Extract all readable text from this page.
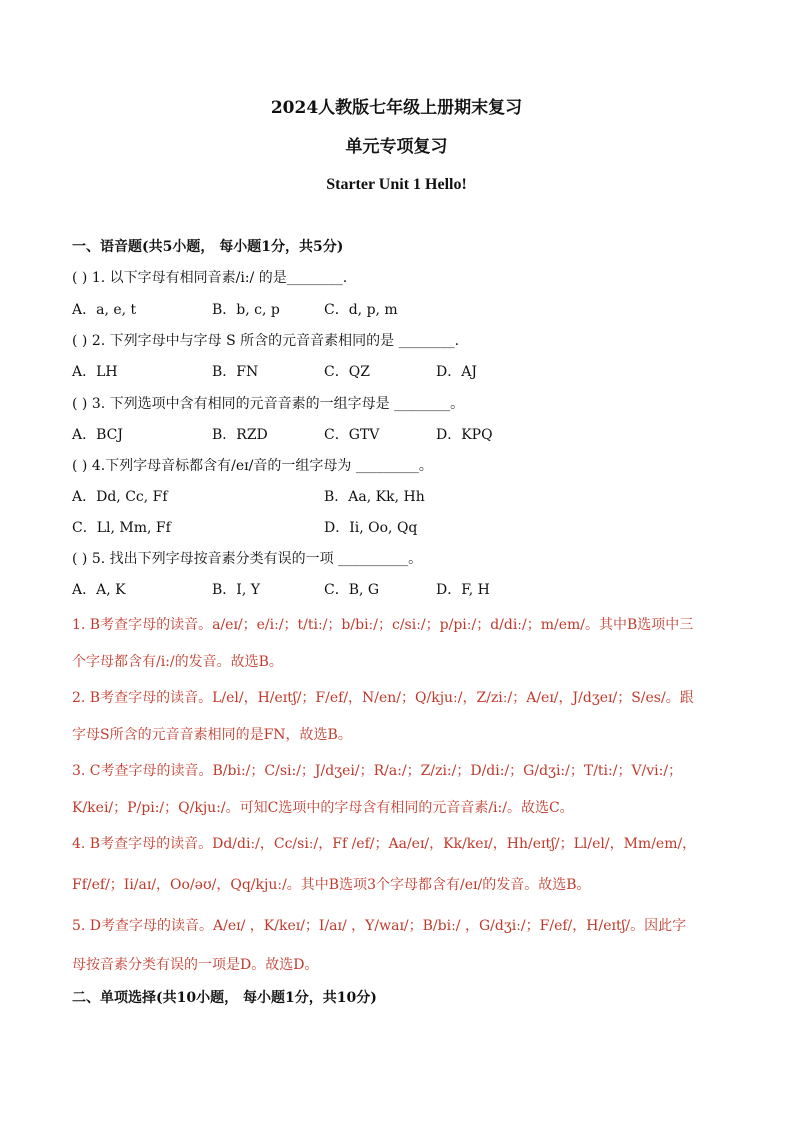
2024人教版七年级上册期末复习
单元专项复习
Starter Unit 1 Hello!
一、语音题(共5小题， 每小题1分，共5分)
( ) 1. 以下字母有相同音素/i:/ 的是________.
A．a, e, t	B．b, c, p	C．d, p, m
( ) 2. 下列字母中与字母 S 所含的元音音素相同的是 ________.
A．LH	B．FN	C．QZ	D．AJ
( ) 3. 下列选项中含有相同的元音音素的一组字母是 ________。
A．BCJ	B．RZD	C．GTV	D．KPQ
( ) 4.下列字母音标都含有/eɪ/音的一组字母为 _________。
A．Dd, Cc, Ff	B．Aa, Kk, Hh
C．Ll, Mm, Ff	D．Ii, Oo, Qq
( ) 5. 找出下列字母按音素分类有误的一项 __________。
A．A, K	B．I, Y	C．B, G	D．F, H
1. B考查字母的读音。a/eɪ/；e/iː/；t/tiː/；b/biː/；c/siː/；p/piː/；d/diː/；m/em/。其中B选项中三
个字母都含有/i:/的发音。故选B。
2. B考查字母的读音。L/el/，H/eɪtʃ/；F/ef/，N/en/；Q/kjuː/，Z/ziː/；A/eɪ/，J/dʒeɪ/；S/es/。跟
字母S所含的元音音素相同的是FN，故选B。
3. C考查字母的读音。B/bi:/；C/si:/；J/dʒei/；R/a:/；Z/zi:/；D/di:/；G/dʒi:/；T/ti:/；V/vi:/；
K/kei/；P/pi:/；Q/kju:/。可知C选项中的字母含有相同的元音音素/i:/。故选C。
4. B考查字母的读音。Dd/diː/，Cc/siː/，Ff /ef/；Aa/eɪ/，Kk/keɪ/，Hh/eɪtʃ/；Ll/el/，Mm/em/，
Ff/ef/；Ii/aɪ/，Oo/əʊ/，Qq/kjuː/。其中B选项3个字母都含有/eɪ/的发音。故选B。
5. D考查字母的读音。A/eɪ/ ，K/keɪ/；I/aɪ/ ，Y/waɪ/；B/biː/ ，G/dʒiː/；F/ef/，H/eɪtʃ/。因此字
母按音素分类有误的一项是D。故选D。
二、单项选择(共10小题， 每小题1分，共10分)
